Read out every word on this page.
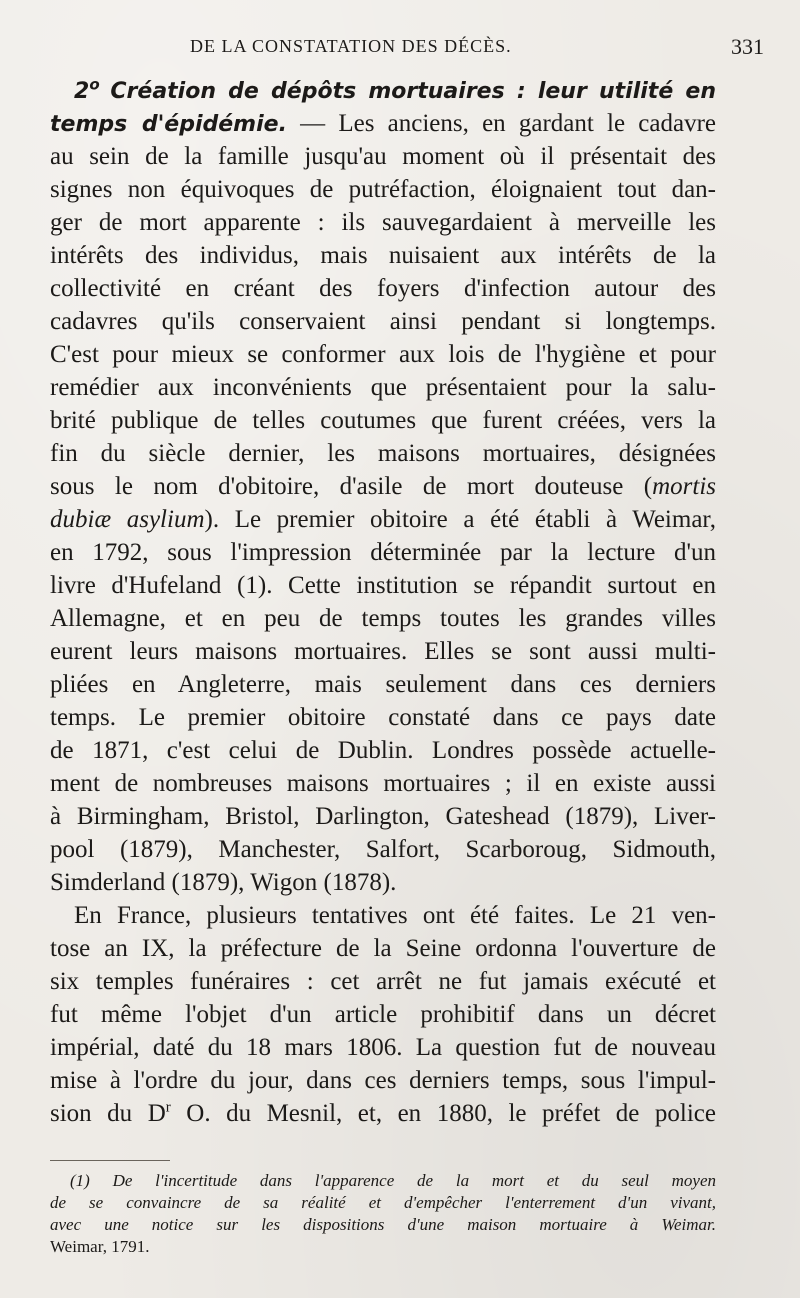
DE LA CONSTATATION DES DÉCÈS.	331
2$^o$ Création de dépôts mortuaires : leur utilité en
temps d'épidémie. — Les anciens, en gardant le cadavre
au sein de la famille jusqu'au moment où il présentait des
signes non équivoques de putréfaction, éloignaient tout dan-
ger de mort apparente : ils sauvegardaient à merveille les
intérêts des individus, mais nuisaient aux intérêts de la
collectivité en créant des foyers d'infection autour des
cadavres qu'ils conservaient ainsi pendant si longtemps.
C'est pour mieux se conformer aux lois de l'hygiène et pour
remédier aux inconvénients que présentaient pour la salu-
brité publique de telles coutumes que furent créées, vers la
fin du siècle dernier, les maisons mortuaires, désignées
sous le nom d'obitoire, d'asile de mort douteuse (mortis
dubiæ asylium). Le premier obitoire a été établi à Weimar,
en 1792, sous l'impression déterminée par la lecture d'un
livre d'Hufeland (1). Cette institution se répandit surtout en
Allemagne, et en peu de temps toutes les grandes villes
eurent leurs maisons mortuaires. Elles se sont aussi multi-
pliées en Angleterre, mais seulement dans ces derniers
temps. Le premier obitoire constaté dans ce pays date
de 1871, c'est celui de Dublin. Londres possède actuelle-
ment de nombreuses maisons mortuaires ; il en existe aussi
à Birmingham, Bristol, Darlington, Gateshead (1879), Liver-
pool (1879), Manchester, Salfort, Scarboroug, Sidmouth,
Simderland (1879), Wigon (1878).
En France, plusieurs tentatives ont été faites. Le 21 ven-
tose an IX, la préfecture de la Seine ordonna l'ouverture de
six temples funéraires : cet arrêt ne fut jamais exécuté et
fut même l'objet d'un article prohibitif dans un décret
impérial, daté du 18 mars 1806. La question fut de nouveau
mise à l'ordre du jour, dans ces derniers temps, sous l'impul-
sion du $D^r$ O. du Mesnil, et, en 1880, le préfet de police
(1) De l'incertitude dans l'apparence de la mort et du seul moyen
de se convaincre de sa réalité et d'empêcher l'enterrement d'un vivant,
avec une notice sur les dispositions d'une maison mortuaire à Weimar.
Weimar, 1791.
